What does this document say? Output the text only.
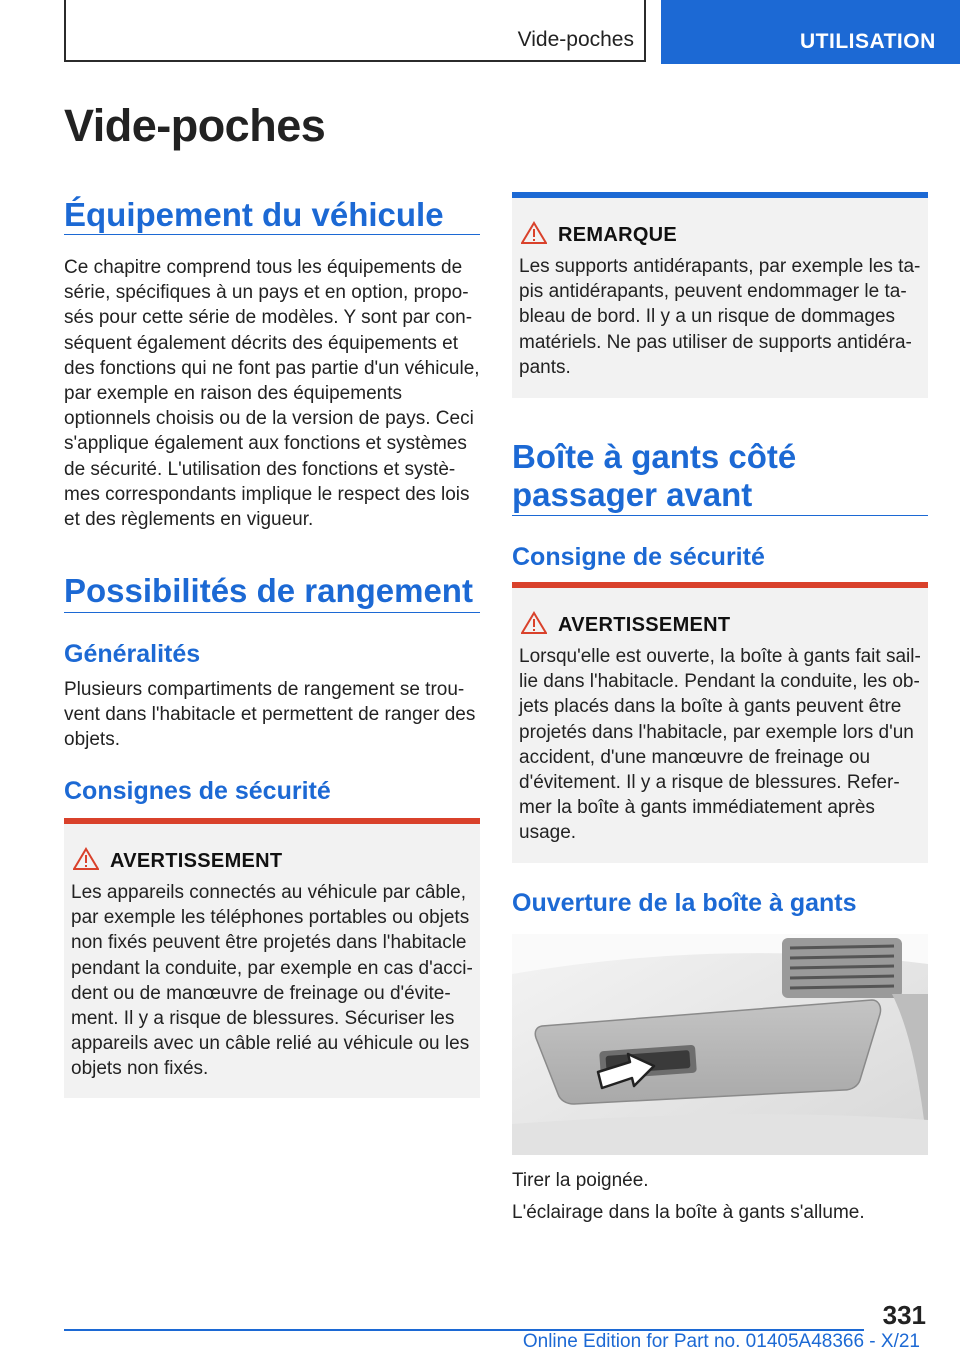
Vide-poches	UTILISATION
Vide-poches
Équipement du véhicule

Ce chapitre comprend tous les équipements de série, spécifiques à un pays et en option, proposés pour cette série de modèles. Y sont par conséquent également décrits des équipements et des fonctions qui ne font pas partie d'un véhicule, par exemple en raison des équipements optionnels choisis ou de la version de pays. Ceci s'applique également aux fonctions et systèmes de sécurité. L'utilisation des fonctions et systèmes correspondants implique le respect des lois et des règlements en vigueur.

Possibilités de rangement
Généralités

Plusieurs compartiments de rangement se trouvent dans l'habitacle et permettent de ranger des objets.

Consignes de sécurité
AVERTISSEMENT

Les appareils connectés au véhicule par câble, par exemple les téléphones portables ou objets non fixés peuvent être projetés dans l'habitacle pendant la conduite, par exemple en cas d'accident ou de manœuvre de freinage ou d'évitement. Il y a risque de blessures. Sécuriser les appareils avec un câble relié au véhicule ou les objets non fixés.

REMARQUE

Les supports antidérapants, par exemple les tapis antidérapants, peuvent endommager le tableau de bord. Il y a un risque de dommages matériels. Ne pas utiliser de supports antidérapants.

Boîte à gants côté passager avant
Consigne de sécurité
AVERTISSEMENT

Lorsqu'elle est ouverte, la boîte à gants fait saillie dans l'habitacle. Pendant la conduite, les objets placés dans la boîte à gants peuvent être projetés dans l'habitacle, par exemple lors d'un accident, d'une manœuvre de freinage ou d'évitement. Il y a risque de blessures. Refermer la boîte à gants immédiatement après usage.

Ouverture de la boîte à gants

Tirer la poignée.

L'éclairage dans la boîte à gants s'allume.

331
Online Edition for Part no. 01405A48366 - X/21
